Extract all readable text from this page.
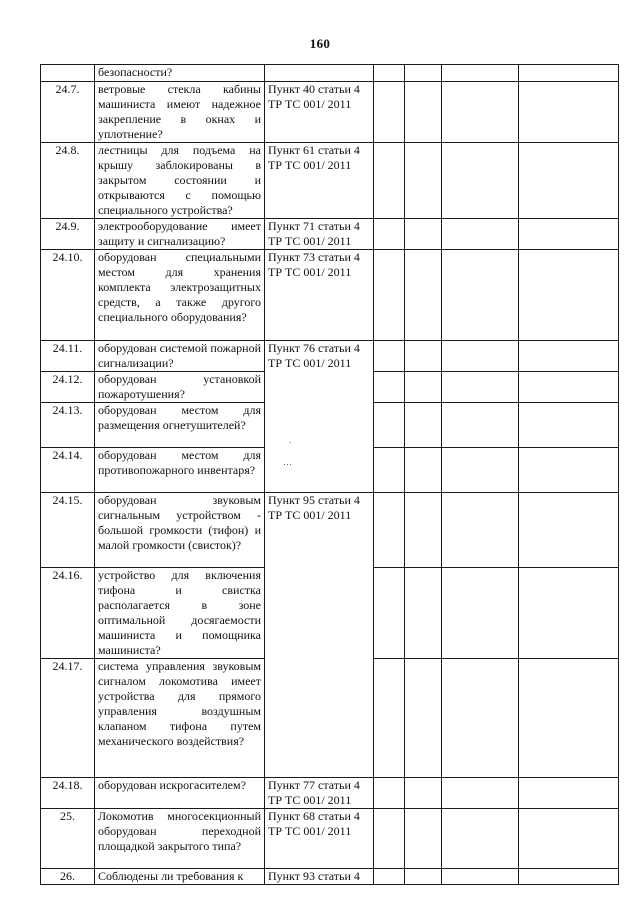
160
	безопасности?					
24.7.	ветровые стекла кабины машиниста имеют надежное закрепление в окнах и уплотнение?	Пункт 40 статьи 4 ТР ТС 001/ 2011				
24.8.	лестницы для подъема на крышу заблокированы в закрытом состоянии и открываются с помощью специального устройства?	Пункт 61 статьи 4 ТР ТС 001/ 2011				
24.9.	электрооборудование имеет защиту и сигнализацию?	Пункт 71 статьи 4 ТР ТС 001/ 2011				
24.10.	оборудован специальными местом для хранения комплекта электрозащитных средств, а также другого специального оборудования?	Пункт 73 статьи 4 ТР ТС 001/ 2011				
24.11.	оборудован системой пожарной сигнализации?	Пункт 76 статьи 4 ТР ТС 001/ 2011				
24.12.	оборудован установкой пожаротушения?					
24.13.	оборудован местом для размещения огнетушителей?					
24.14.	оборудован местом для противопожарного инвентаря?					
24.15.	оборудован звуковым сигнальным устройством - большой громкости (тифон) и малой громкости (свисток)?	Пункт 95 статьи 4 ТР ТС 001/ 2011				
24.16.	устройство для включения тифона и свистка располагается в зоне оптимальной досягаемости машиниста и помощника машиниста?					
24.17.	система управления звуковым сигналом локомотива имеет устройства для прямого управления воздушным клапаном тифона путем механического воздействия?					
24.18.	оборудован искрогасителем?	Пункт 77 статьи 4 ТР ТС 001/ 2011				
25.	Локомотив многосекционный оборудован переходной площадкой закрытого типа?	Пункт 68 статьи 4 ТР ТС 001/ 2011				
26.	Соблюдены ли требования к	Пункт 93 статьи 4				
.
…
